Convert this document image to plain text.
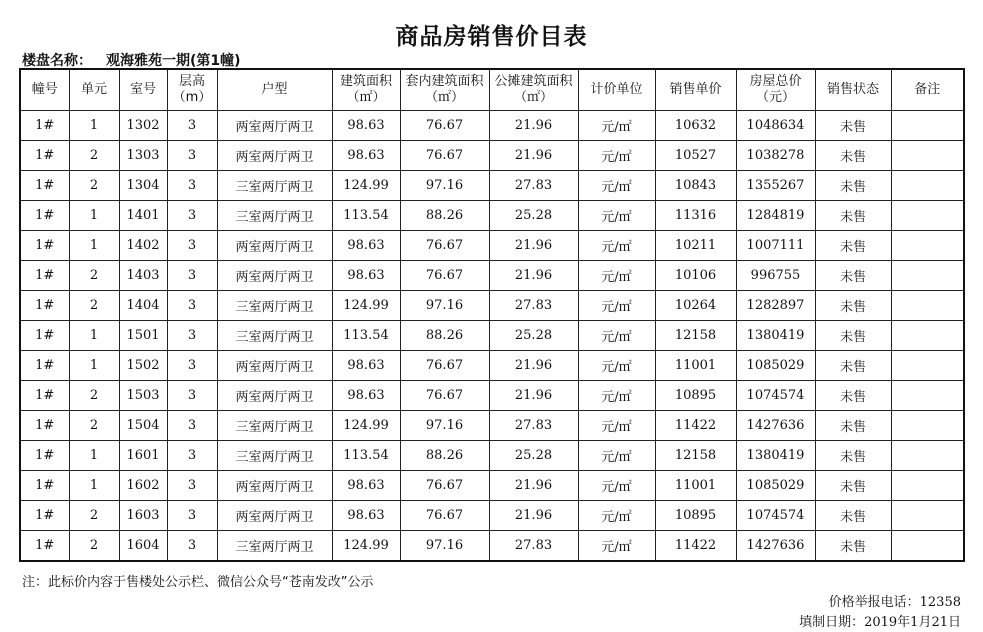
商品房销售价目表
楼盘名称： 观海雅苑一期(第1幢)
幢号	单元	室号	层高（m）	户型	建筑面积（㎡）	套内建筑面积（㎡）	公摊建筑面积（㎡）	计价单位	销售单价	房屋总价（元）	销售状态	备注
1#	1	1302	3	两室两厅两卫	98.63	76.67	21.96	元/㎡	10632	1048634	未售	
1#	2	1303	3	两室两厅两卫	98.63	76.67	21.96	元/㎡	10527	1038278	未售	
1#	2	1304	3	三室两厅两卫	124.99	97.16	27.83	元/㎡	10843	1355267	未售	
1#	1	1401	3	三室两厅两卫	113.54	88.26	25.28	元/㎡	11316	1284819	未售	
1#	1	1402	3	两室两厅两卫	98.63	76.67	21.96	元/㎡	10211	1007111	未售	
1#	2	1403	3	两室两厅两卫	98.63	76.67	21.96	元/㎡	10106	996755	未售	
1#	2	1404	3	三室两厅两卫	124.99	97.16	27.83	元/㎡	10264	1282897	未售	
1#	1	1501	3	三室两厅两卫	113.54	88.26	25.28	元/㎡	12158	1380419	未售	
1#	1	1502	3	两室两厅两卫	98.63	76.67	21.96	元/㎡	11001	1085029	未售	
1#	2	1503	3	两室两厅两卫	98.63	76.67	21.96	元/㎡	10895	1074574	未售	
1#	2	1504	3	三室两厅两卫	124.99	97.16	27.83	元/㎡	11422	1427636	未售	
1#	1	1601	3	三室两厅两卫	113.54	88.26	25.28	元/㎡	12158	1380419	未售	
1#	1	1602	3	两室两厅两卫	98.63	76.67	21.96	元/㎡	11001	1085029	未售	
1#	2	1603	3	两室两厅两卫	98.63	76.67	21.96	元/㎡	10895	1074574	未售	
1#	2	1604	3	三室两厅两卫	124.99	97.16	27.83	元/㎡	11422	1427636	未售	
注：此标价内容于售楼处公示栏、微信公众号“苍南发改”公示
价格举报电话：12358
填制日期：2019年1月21日
